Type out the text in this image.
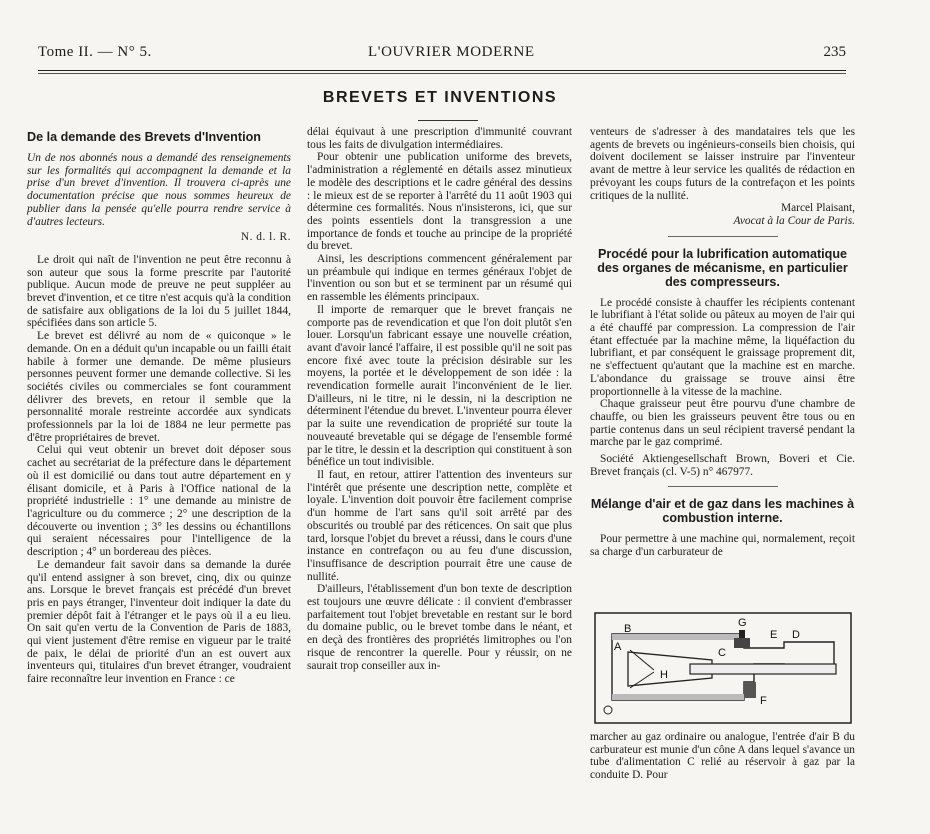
Tome II. — N° 5.	L'OUVRIER MODERNE	235
BREVETS ET INVENTIONS
De la demande des Brevets d'Invention

Un de nos abonnés nous a demandé des renseignements sur les formalités qui accompagnent la demande et la prise d'un brevet d'invention. Il trouvera ci-après une documentation précise que nous sommes heureux de publier dans la pensée qu'elle pourra rendre service à d'autres lecteurs.

N. d. l. R.

Le droit qui naît de l'invention ne peut être reconnu à son auteur que sous la forme prescrite par l'autorité publique. Aucun mode de preuve ne peut suppléer au brevet d'invention, et ce titre n'est acquis qu'à la condition de satisfaire aux obligations de la loi du 5 juillet 1844, spécifiées dans son article 5.

Le brevet est délivré au nom de « quiconque » le demande. On en a déduit qu'un incapable ou un failli était habile à former une demande. De même plusieurs personnes peuvent former une demande collective. Si les sociétés civiles ou commerciales se font couramment délivrer des brevets, en retour il semble que la personnalité morale restreinte accordée aux syndicats professionnels par la loi de 1884 ne leur permette pas d'être propriétaires de brevet.

Celui qui veut obtenir un brevet doit déposer sous cachet au secrétariat de la préfecture dans le département où il est domicilié ou dans tout autre département en y élisant domicile, et à Paris à l'Office national de la propriété industrielle : 1° une demande au ministre de l'agriculture ou du commerce ; 2° une description de la découverte ou invention ; 3° les dessins ou échantillons qui seraient nécessaires pour l'intelligence de la description ; 4° un bordereau des pièces.

Le demandeur fait savoir dans sa demande la durée qu'il entend assigner à son brevet, cinq, dix ou quinze ans. Lorsque le brevet français est précédé d'un brevet pris en pays étranger, l'inventeur doit indiquer la date du premier dépôt fait à l'étranger et le pays où il a eu lieu. On sait qu'en vertu de la Convention de Paris de 1883, qui vient justement d'être remise en vigueur par le traité de paix, le délai de priorité d'un an est ouvert aux inventeurs qui, titulaires d'un brevet étranger, voudraient faire reconnaître leur invention en France : ce

délai équivaut à une prescription d'immunité couvrant tous les faits de divulgation intermédiaires.

Pour obtenir une publication uniforme des brevets, l'administration a réglementé en détails assez minutieux le modèle des descriptions et le cadre général des dessins : le mieux est de se reporter à l'arrêté du 11 août 1903 qui détermine ces formalités. Nous n'insisterons, ici, que sur des points essentiels dont la transgression a une importance de fonds et touche au principe de la propriété du brevet.

Ainsi, les descriptions commencent généralement par un préambule qui indique en termes généraux l'objet de l'invention ou son but et se terminent par un résumé qui en rassemble les éléments principaux.

Il importe de remarquer que le brevet français ne comporte pas de revendication et que l'on doit plutôt s'en louer. Lorsqu'un fabricant essaye une nouvelle création, avant d'avoir lancé l'affaire, il est possible qu'il ne soit pas encore fixé avec toute la précision désirable sur les moyens, la portée et le développement de son idée : la revendication formelle aurait l'inconvénient de le lier. D'ailleurs, ni le titre, ni le dessin, ni la description ne déterminent l'étendue du brevet. L'inventeur pourra élever par la suite une revendication de propriété sur toute la nouveauté brevetable qui se dégage de l'ensemble formé par le titre, le dessin et la description qui constituent à son bénéfice un tout indivisible.

Il faut, en retour, attirer l'attention des inventeurs sur l'intérêt que présente une description nette, complète et loyale. L'invention doit pouvoir être facilement comprise d'un homme de l'art sans qu'il soit arrêté par des obscurités ou troublé par des réticences. On sait que plus tard, lorsque l'objet du brevet a réussi, dans le cours d'une instance en contrefaçon ou au feu d'une discussion, l'insuffisance de description pourrait être une cause de nullité.

D'ailleurs, l'établissement d'un bon texte de description est toujours une œuvre délicate : il convient d'embrasser parfaitement tout l'objet brevetable en restant sur le bord du domaine public, ou le brevet tombe dans le néant, et en deçà des frontières des propriétés limitrophes ou l'on risque de rencontrer la querelle. Pour y réussir, on ne saurait trop conseiller aux in-

venteurs de s'adresser à des mandataires tels que les agents de brevets ou ingénieurs-conseils bien choisis, qui doivent docilement se laisser instruire par l'inventeur avant de mettre à leur service les qualités de rédaction en prévoyant les coups futurs de la contrefaçon et les points critiques de la nullité.

Marcel Plaisant,

Avocat à la Cour de Paris.

Procédé pour la lubrification automatique des organes de mécanisme, en particulier des compresseurs.

Le procédé consiste à chauffer les récipients contenant le lubrifiant à l'état solide ou pâteux au moyen de l'air qui a été chauffé par compression. La compression de l'air étant effectuée par la machine même, la liquéfaction du lubrifiant, et par conséquent le graissage proprement dit, ne s'effectuent qu'autant que la machine est en marche. L'abondance du graissage se trouve ainsi être proportionnelle à la vitesse de la machine.

Chaque graisseur peut être pourvu d'une chambre de chauffe, ou bien les graisseurs peuvent être tous ou en partie contenus dans un seul récipient traversé pendant la marche par le gaz comprimé.

Société Aktiengesellschaft Brown, Boveri et Cie. Brevet français (cl. V-5) n° 467977.

Mélange d'air et de gaz dans les machines à combustion interne.

Pour permettre à une machine qui, normalement, reçoit sa charge d'un carburateur de

B
A
G
E D
C
H
F

marcher au gaz ordinaire ou analogue, l'entrée d'air B du carburateur est munie d'un cône A dans lequel s'avance un tube d'alimentation C relié au réservoir à gaz par la conduite D. Pour
